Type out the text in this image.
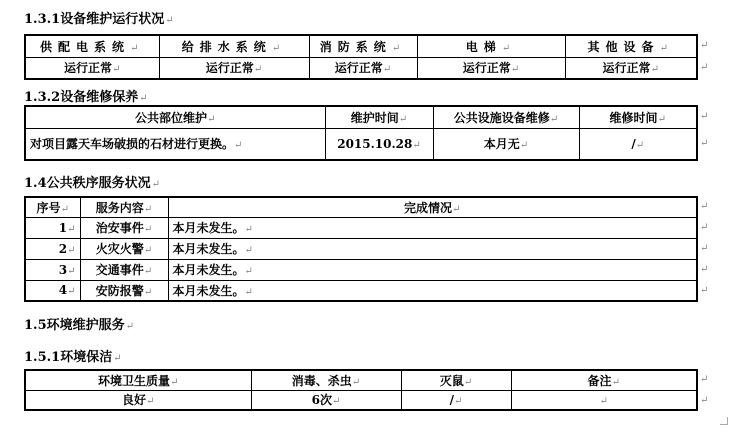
1.3.1设备维护运行状况↵
供配电系统↵	给排水系统↵	消防系统↵	电梯↵	其他设备↵
运行正常↵	运行正常↵	运行正常↵	运行正常↵	运行正常↵
↵
↵
1.3.2设备维修保养↵
公共部位维护↵	维护时间↵	公共设施设备维修↵	维修时间↵
对项目露天车场破损的石材进行更换。↵	2015.10.28↵	本月无↵	/↵
↵
↵
1.4公共秩序服务状况↵
序号↵	服务内容↵	完成情况↵
1↵	治安事件↵	本月未发生。↵
2↵	火灾火警↵	本月未发生。↵
3↵	交通事件↵	本月未发生。↵
4↵	安防报警↵	本月未发生。↵
↵
↵
↵
↵
↵
1.5环境维护服务↵
1.5.1环境保洁↵
环境卫生质量↵	消毒、杀虫↵	灭鼠↵	备注↵
良好↵	6次↵	/↵	↵
↵
↵
